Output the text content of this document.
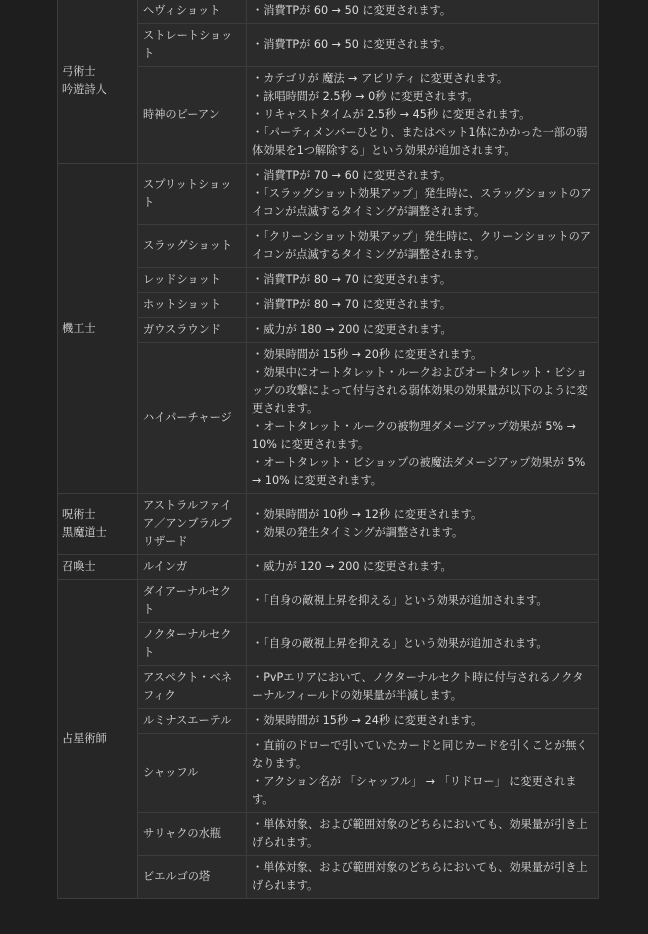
弓術士
吟遊詩人	ヘヴィショット	・消費TPが 60 → 50 に変更されます。

	ストレートショット	・消費TPが 60 → 50 に変更されます。

	時神のピーアン	・カテゴリが 魔法 → アビリティ に変更されます。
・詠唱時間が 2.5秒 → 0秒 に変更されます。
・リキャストタイムが 2.5秒 → 45秒 に変更されます。
・「パーティメンバーひとり、またはペット1体にかかった一部の弱体効果を1つ解除する」という効果が追加されます。

機工士	スプリットショット	・消費TPが 70 → 60 に変更されます。
・「スラッグショット効果アップ」発生時に、スラッグショットのアイコンが点滅するタイミングが調整されます。

	スラッグショット	・「クリーンショット効果アップ」発生時に、クリーンショットのアイコンが点滅するタイミングが調整されます。

	レッドショット	・消費TPが 80 → 70 に変更されます。

	ホットショット	・消費TPが 80 → 70 に変更されます。

	ガウスラウンド	・威力が 180 → 200 に変更されます。

	ハイパーチャージ	・効果時間が 15秒 → 20秒 に変更されます。
・効果中にオートタレット・ルークおよびオートタレット・ビショップの攻撃によって付与される弱体効果の効果量が以下のように変更されます。
・オートタレット・ルークの被物理ダメージアップ効果が 5% → 10% に変更されます。
・オートタレット・ビショップの被魔法ダメージアップ効果が 5% → 10% に変更されます。

呪術士
黒魔道士	アストラルファイア／アンブラルブリザード	・効果時間が 10秒 → 12秒 に変更されます。
・効果の発生タイミングが調整されます。

召喚士	ルインガ	・威力が 120 → 200 に変更されます。

占星術師	ダイアーナルセクト	・「自身の敵視上昇を抑える」という効果が追加されます。

	ノクターナルセクト	・「自身の敵視上昇を抑える」という効果が追加されます。

	アスペクト・ベネフィク	・PvPエリアにおいて、ノクターナルセクト時に付与されるノクターナルフィールドの効果量が半減します。

	ルミナスエーテル	・効果時間が 15秒 → 24秒 に変更されます。

	シャッフル	・直前のドローで引いていたカードと同じカードを引くことが無くなります。
・アクション名が 「シャッフル」 → 「リドロー」 に変更されます。

	サリャクの水瓶	・単体対象、および範囲対象のどちらにおいても、効果量が引き上げられます。

	ビエルゴの塔	・単体対象、および範囲対象のどちらにおいても、効果量が引き上げられます。
